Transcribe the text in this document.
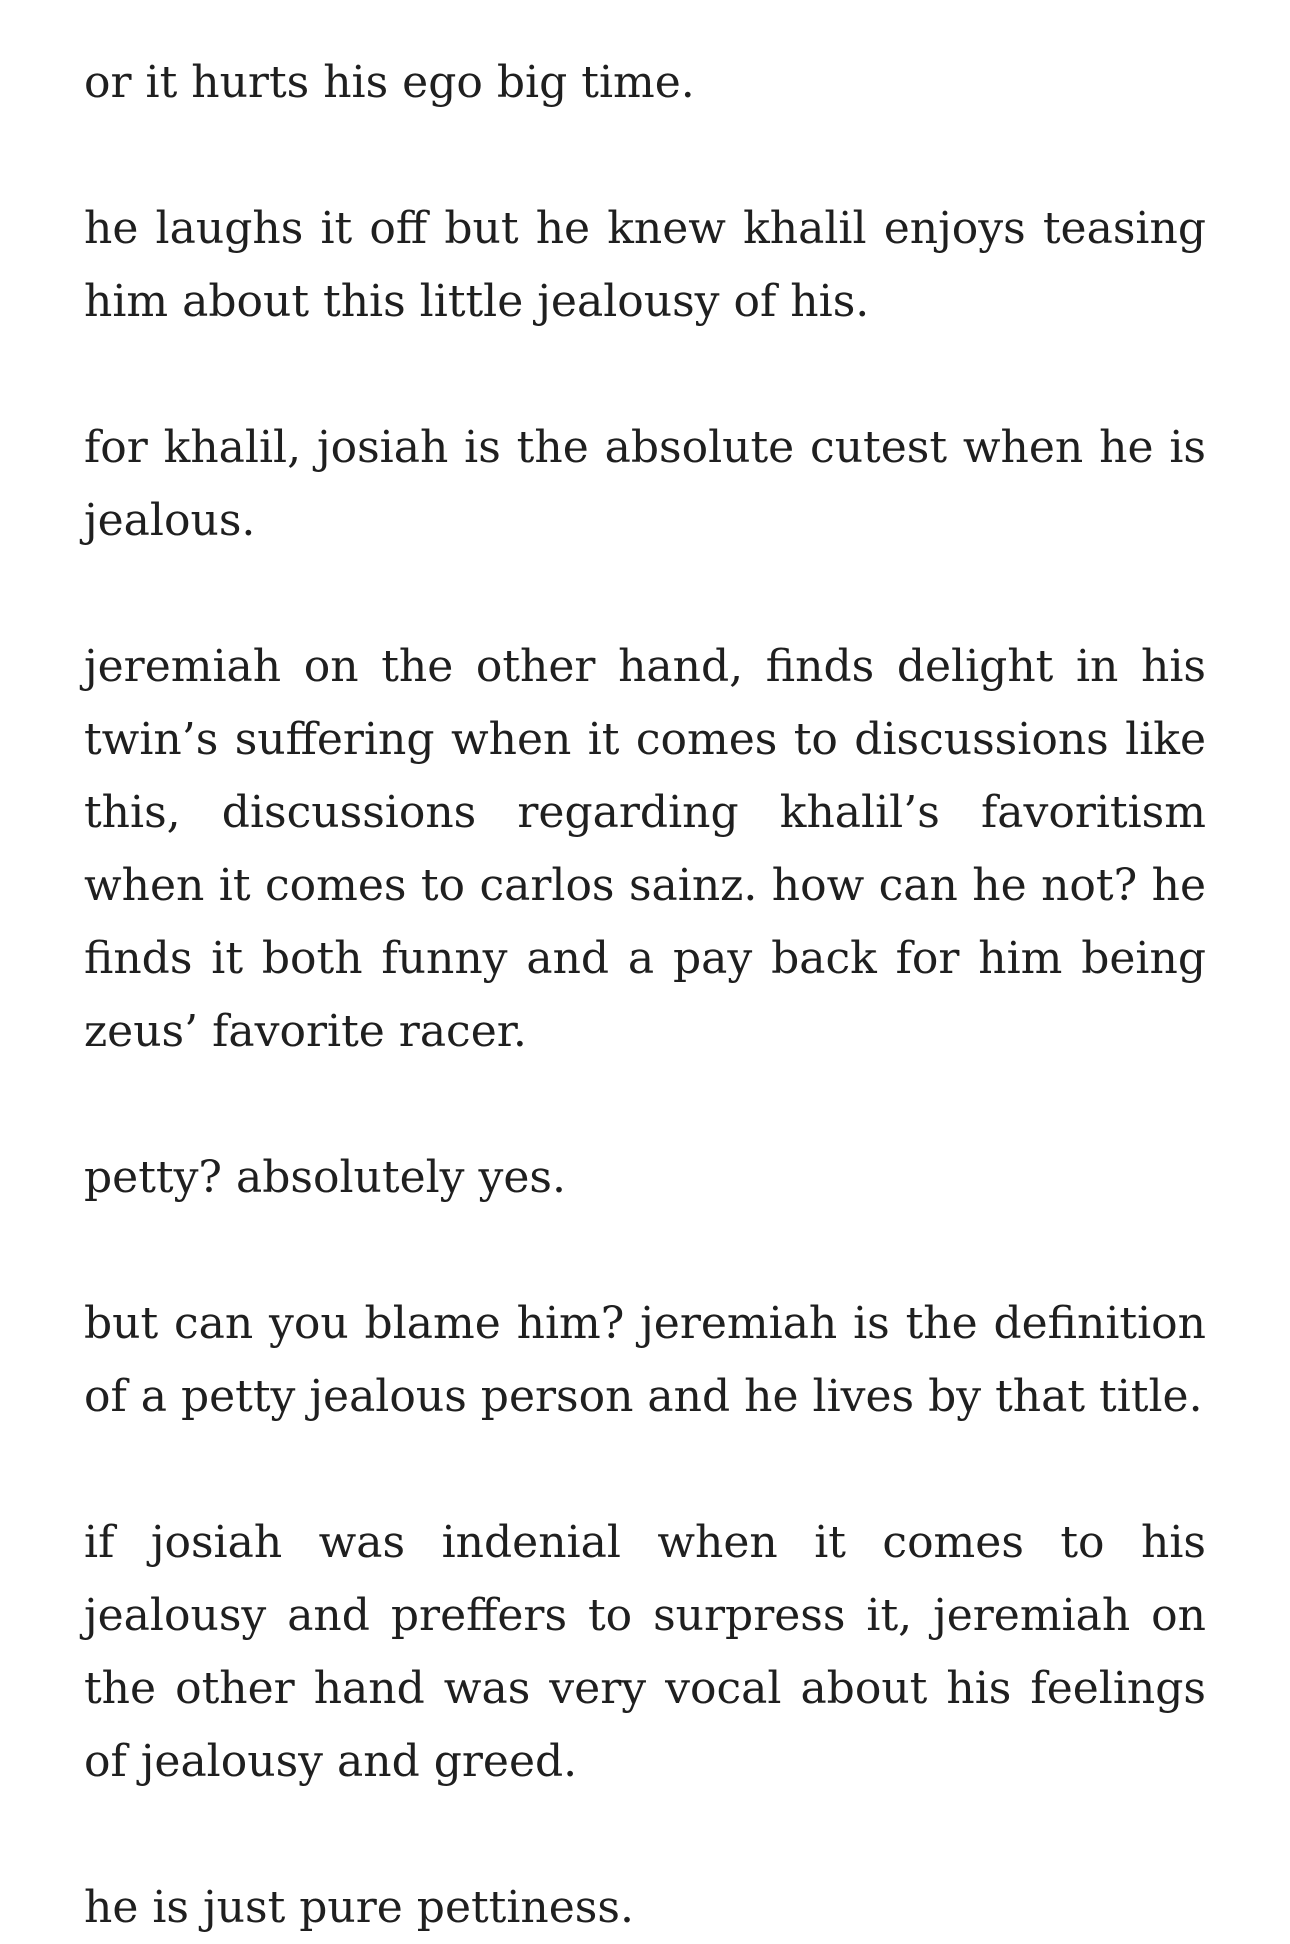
or it hurts his ego big time.

he laughs it off but he knew khalil enjoys teasing him about this little jealousy of his.

for khalil, josiah is the absolute cutest when he is jealous.

jeremiah on the other hand, finds delight in his twin’s suffering when it comes to discussions like this, discussions regarding khalil’s favoritism when it comes to carlos sainz. how can he not? he finds it both funny and a pay back for him being zeus’ favorite racer.

petty? absolutely yes.

but can you blame him? jeremiah is the definition of a petty jealous person and he lives by that title.

if josiah was indenial when it comes to his jealousy and preffers to surpress it, jeremiah on the other hand was very vocal about his feelings of jealousy and greed.

he is just pure pettiness.
